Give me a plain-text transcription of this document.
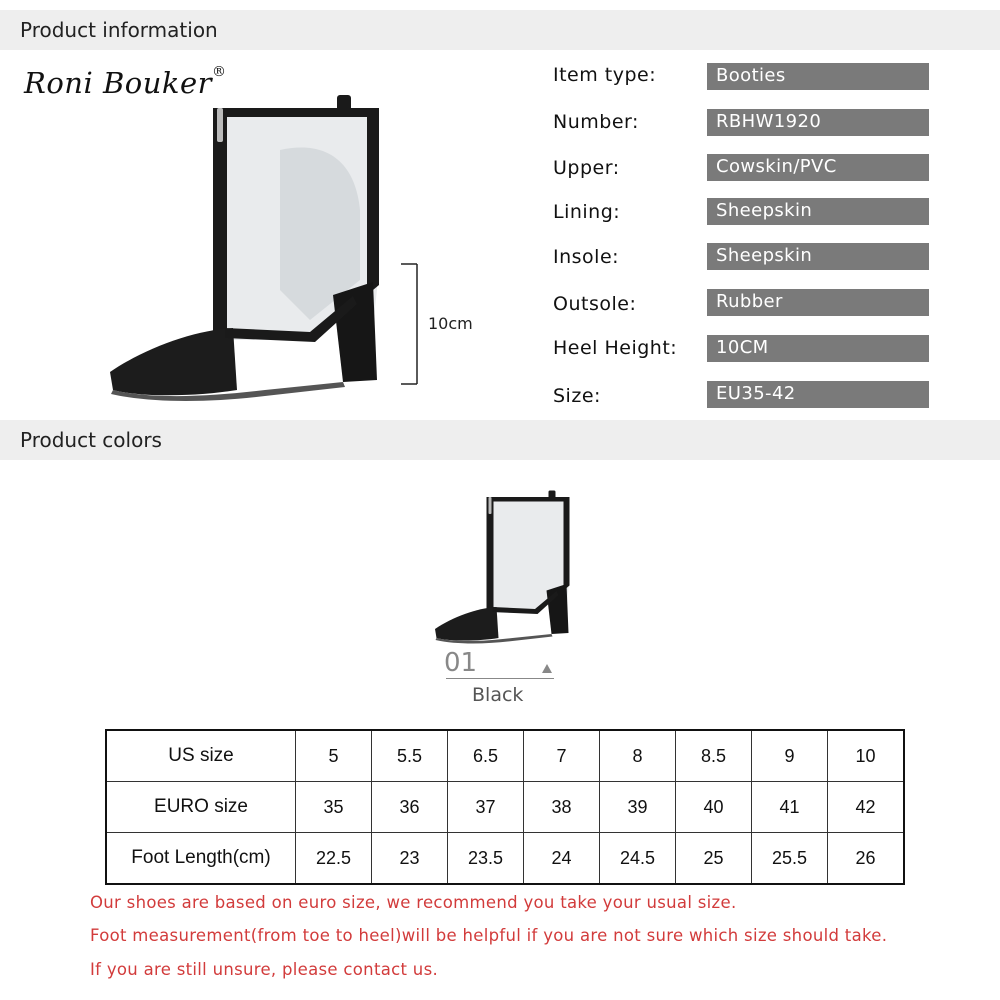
Product information
Roni Bouker®
10cm
Item type:	Booties
Number:	RBHW1920
Upper:	Cowskin/PVC
Lining:	Sheepskin
Insole:	Sheepskin
Outsole:	Rubber
Heel Height:	10CM
Size:	EU35-42
Product colors
01
Black
US size	5	5.5	6.5	7	8	8.5	9	10
EURO size	35	36	37	38	39	40	41	42
Foot Length(cm)	22.5	23	23.5	24	24.5	25	25.5	26
Our shoes are based on euro size, we recommend you take your usual size.
Foot measurement(from toe to heel)will be helpful if you are not sure which size should take.
If you are still unsure, please contact us.
